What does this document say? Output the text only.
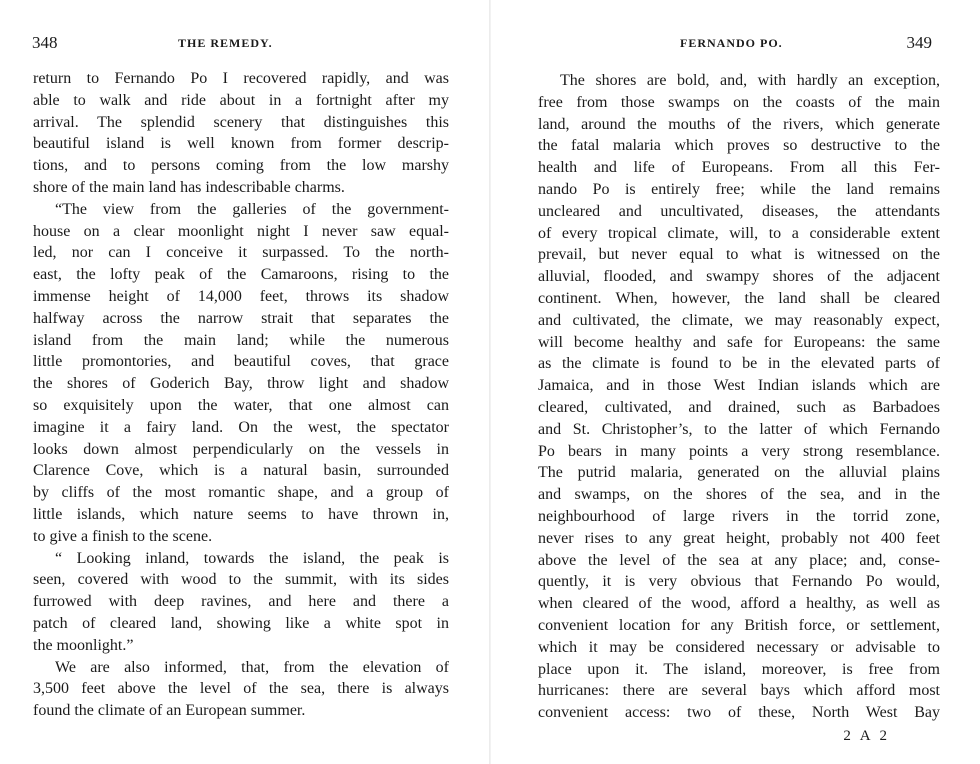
348	THE REMEDY.
return to Fernando Po I recovered rapidly, and was
able to walk and ride about in a fortnight after my
arrival. The splendid scenery that distinguishes this
beautiful island is well known from former descrip-
tions, and to persons coming from the low marshy
shore of the main land has indescribable charms.
“The view from the galleries of the government-
house on a clear moonlight night I never saw equal-
led, nor can I conceive it surpassed. To the north-
east, the lofty peak of the Camaroons, rising to the
immense height of 14,000 feet, throws its shadow
halfway across the narrow strait that separates the
island from the main land; while the numerous
little promontories, and beautiful coves, that grace
the shores of Goderich Bay, throw light and shadow
so exquisitely upon the water, that one almost can
imagine it a fairy land. On the west, the spectator
looks down almost perpendicularly on the vessels in
Clarence Cove, which is a natural basin, surrounded
by cliffs of the most romantic shape, and a group of
little islands, which nature seems to have thrown in,
to give a finish to the scene.
“ Looking inland, towards the island, the peak is
seen, covered with wood to the summit, with its sides
furrowed with deep ravines, and here and there a
patch of cleared land, showing like a white spot in
the moonlight.”
We are also informed, that, from the elevation of
3,500 feet above the level of the sea, there is always
found the climate of an European summer.
FERNANDO PO.	349
The shores are bold, and, with hardly an exception,
free from those swamps on the coasts of the main
land, around the mouths of the rivers, which generate
the fatal malaria which proves so destructive to the
health and life of Europeans. From all this Fer-
nando Po is entirely free; while the land remains
uncleared and uncultivated, diseases, the attendants
of every tropical climate, will, to a considerable extent
prevail, but never equal to what is witnessed on the
alluvial, flooded, and swampy shores of the adjacent
continent. When, however, the land shall be cleared
and cultivated, the climate, we may reasonably expect,
will become healthy and safe for Europeans: the same
as the climate is found to be in the elevated parts of
Jamaica, and in those West Indian islands which are
cleared, cultivated, and drained, such as Barbadoes
and St. Christopher’s, to the latter of which Fernando
Po bears in many points a very strong resemblance.
The putrid malaria, generated on the alluvial plains
and swamps, on the shores of the sea, and in the
neighbourhood of large rivers in the torrid zone,
never rises to any great height, probably not 400 feet
above the level of the sea at any place; and, conse-
quently, it is very obvious that Fernando Po would,
when cleared of the wood, afford a healthy, as well as
convenient location for any British force, or settlement,
which it may be considered necessary or advisable to
place upon it. The island, moreover, is free from
hurricanes: there are several bays which afford most
convenient access: two of these, North West Bay
2 A 2
